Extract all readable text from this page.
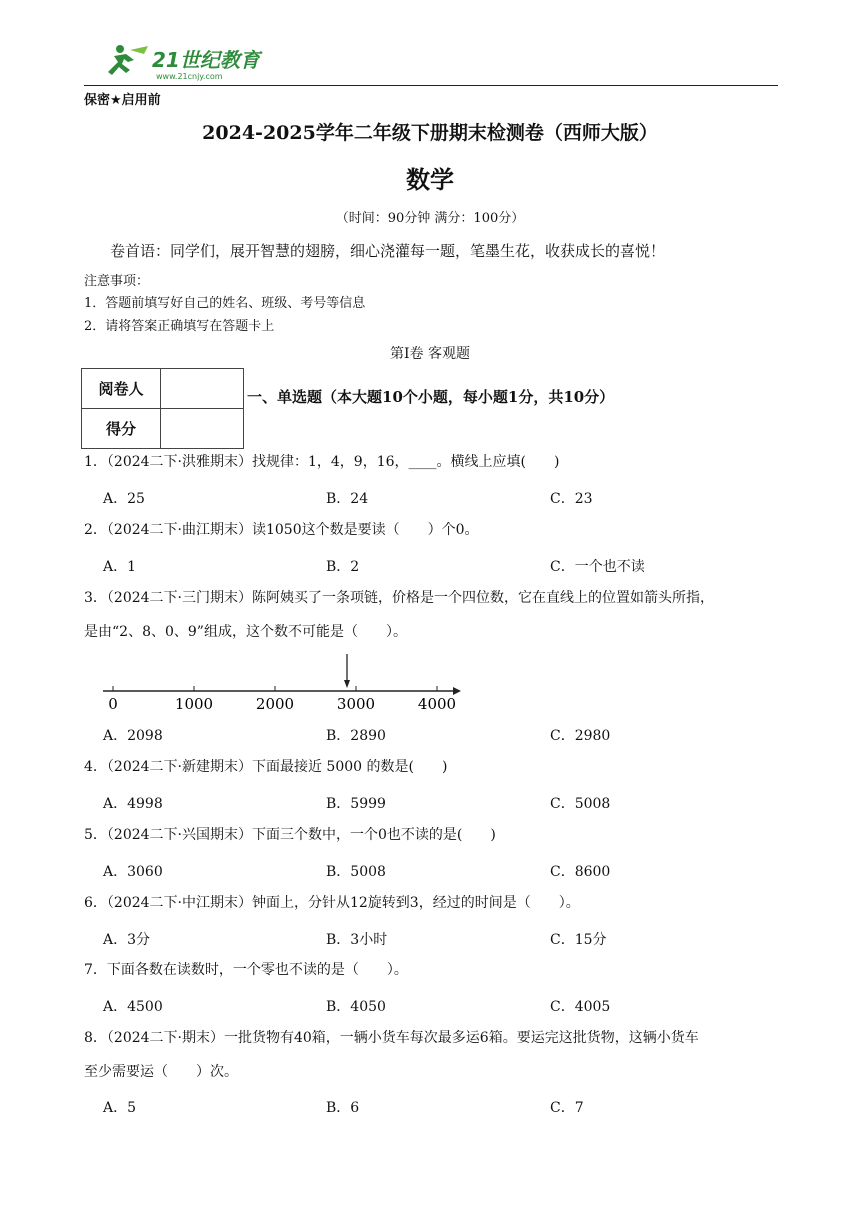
21世纪教育
www.21cnjy.com
保密★启用前
2024-2025学年二年级下册期末检测卷（西师大版）
数学
（时间：90分钟 满分：100分）
卷首语：同学们，展开智慧的翅膀，细心浇灌每一题，笔墨生花，收获成长的喜悦！
注意事项：
1．答题前填写好自己的姓名、班级、考号等信息
2．请将答案正确填写在答题卡上
第Ⅰ卷 客观题
阅卷人	
得分	
一、单选题（本大题10个小题，每小题1分，共10分）
1．（2024二下·洪雅期末）找规律：1，4，9，16，____。横线上应填(　　)
A．25	B．24	C．23
2．（2024二下·曲江期末）读1050这个数是要读（　　）个0。
A．1	B．2	C．一个也不读
3．（2024二下·三门期末）陈阿姨买了一条项链，价格是一个四位数，它在直线上的位置如箭头所指，
是由“2、8、0、9”组成，这个数不可能是（　　）。
0	1000	2000	3000	4000
A．2098	B．2890	C．2980
4．（2024二下·新建期末）下面最接近 5000 的数是(　　)
A．4998	B．5999	C．5008
5．（2024二下·兴国期末）下面三个数中，一个0也不读的是(　　)
A．3060	B．5008	C．8600
6．（2024二下·中江期末）钟面上，分针从12旋转到3，经过的时间是（　　）。
A．3分	B．3小时	C．15分
7．下面各数在读数时，一个零也不读的是（　　）。
A．4500	B．4050	C．4005
8．（2024二下·期末）一批货物有40箱，一辆小货车每次最多运6箱。要运完这批货物，这辆小货车
至少需要运（　　）次。
A．5	B．6	C．7
